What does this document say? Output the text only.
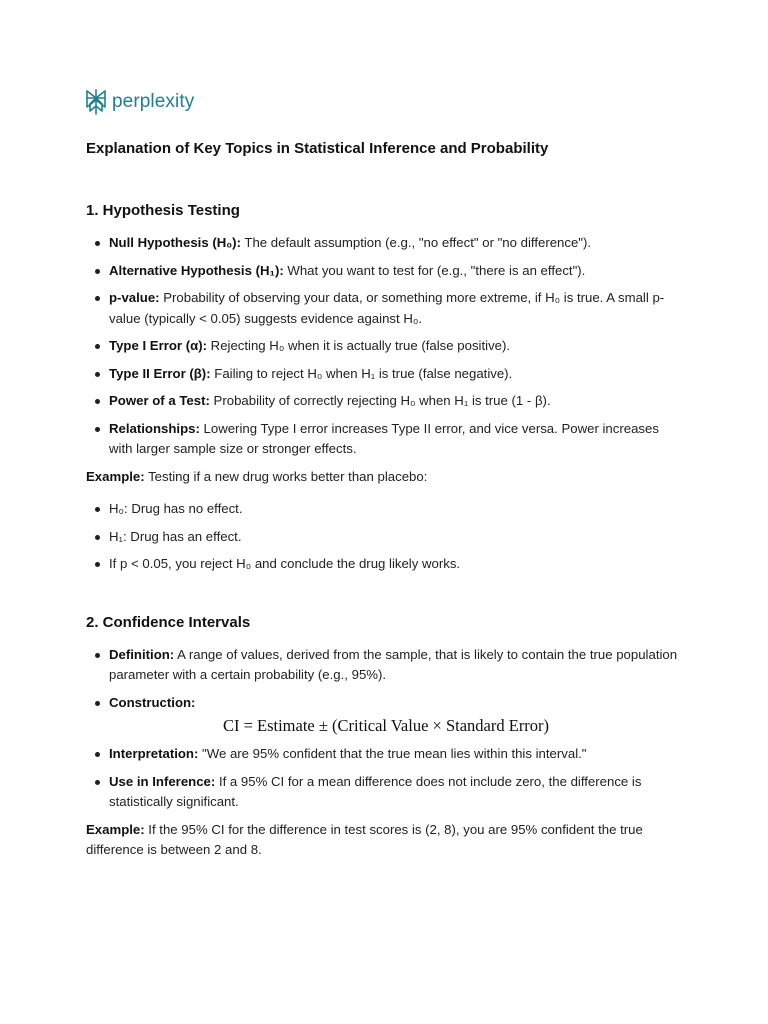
perplexity
Explanation of Key Topics in Statistical Inference and Probability
1. Hypothesis Testing
Null Hypothesis (H₀): The default assumption (e.g., "no effect" or "no difference").
Alternative Hypothesis (H₁): What you want to test for (e.g., "there is an effect").
p-value: Probability of observing your data, or something more extreme, if H₀ is true. A small p-value (typically < 0.05) suggests evidence against H₀.
Type I Error (α): Rejecting H₀ when it is actually true (false positive).
Type II Error (β): Failing to reject H₀ when H₁ is true (false negative).
Power of a Test: Probability of correctly rejecting H₀ when H₁ is true (1 - β).
Relationships: Lowering Type I error increases Type II error, and vice versa. Power increases with larger sample size or stronger effects.

Example: Testing if a new drug works better than placebo:

H₀: Drug has no effect.
H₁: Drug has an effect.
If p < 0.05, you reject H₀ and conclude the drug likely works.
2. Confidence Intervals
Definition: A range of values, derived from the sample, that is likely to contain the true population parameter with a certain probability (e.g., 95%).
Construction:
CI = Estimate ± (Critical Value × Standard Error)
Interpretation: "We are 95% confident that the true mean lies within this interval."
Use in Inference: If a 95% CI for a mean difference does not include zero, the difference is statistically significant.

Example: If the 95% CI for the difference in test scores is (2, 8), you are 95% confident the true difference is between 2 and 8.
